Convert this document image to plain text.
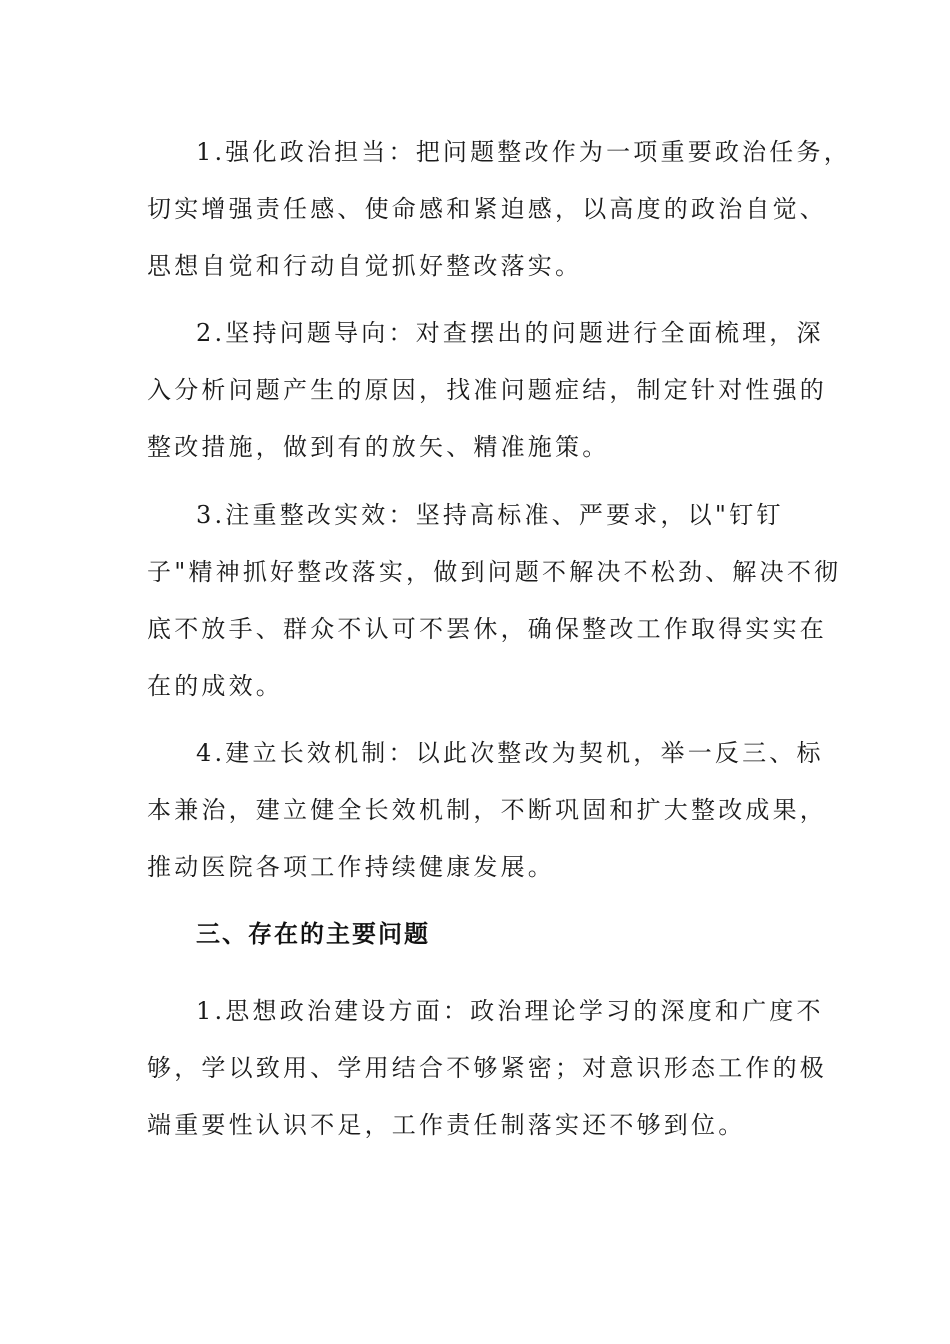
1.强化政治担当：把问题整改作为一项重要政治任务，

切实增强责任感、使命感和紧迫感，以高度的政治自觉、

思想自觉和行动自觉抓好整改落实。

2.坚持问题导向：对查摆出的问题进行全面梳理，深

入分析问题产生的原因，找准问题症结，制定针对性强的

整改措施，做到有的放矢、精准施策。

3.注重整改实效：坚持高标准、严要求，以"钉钉

子"精神抓好整改落实，做到问题不解决不松劲、解决不彻

底不放手、群众不认可不罢休，确保整改工作取得实实在

在的成效。

4.建立长效机制：以此次整改为契机，举一反三、标

本兼治，建立健全长效机制，不断巩固和扩大整改成果，

推动医院各项工作持续健康发展。

三、存在的主要问题

1.思想政治建设方面：政治理论学习的深度和广度不

够，学以致用、学用结合不够紧密；对意识形态工作的极

端重要性认识不足，工作责任制落实还不够到位。
